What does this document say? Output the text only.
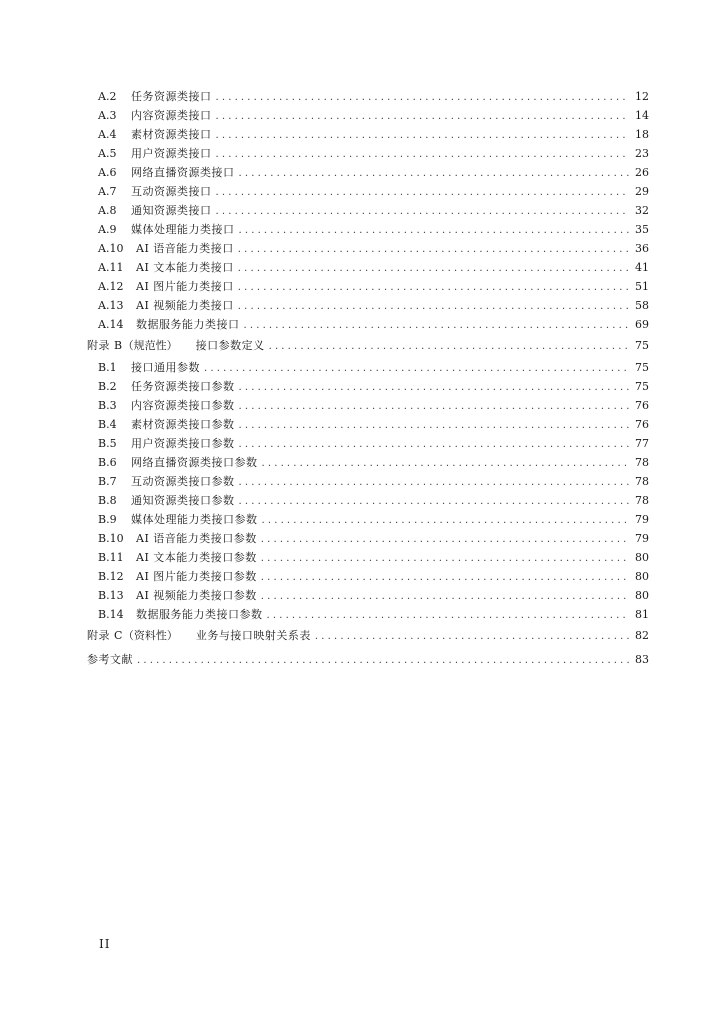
A.2	任务资源类接口 . . .	12
A.3	内容资源类接口 . . .	14
A.4	素材资源类接口 . . .	18
A.5	用户资源类接口 . . .	23
A.6	网络直播资源类接口 . . .	26
A.7	互动资源类接口 . . .	29
A.8	通知资源类接口 . . .	32
A.9	媒体处理能力类接口 . . .	35
A.10	AI 语音能力类接口 . . .	36
A.11	AI 文本能力类接口 . . .	41
A.12	AI 图片能力类接口 . . .	51
A.13	AI 视频能力类接口 . . .	58
A.14	数据服务能力类接口 . . .	69
附录 B （规范性） 接口参数定义 . . .	75
B.1	接口通用参数 . . .	75
B.2	任务资源类接口参数 . . .	75
B.3	内容资源类接口参数 . . .	76
B.4	素材资源类接口参数 . . .	76
B.5	用户资源类接口参数 . . .	77
B.6	网络直播资源类接口参数 . . .	78
B.7	互动资源类接口参数 . . .	78
B.8	通知资源类接口参数 . . .	78
B.9	媒体处理能力类接口参数 . . .	79
B.10	AI 语音能力类接口参数 . . .	79
B.11	AI 文本能力类接口参数 . . .	80
B.12	AI 图片能力类接口参数 . . .	80
B.13	AI 视频能力类接口参数 . . .	80
B.14	数据服务能力类接口参数 . . .	81
附录 C （资料性） 业务与接口映射关系表 . . .	82
参考文献 . . .	83
II
